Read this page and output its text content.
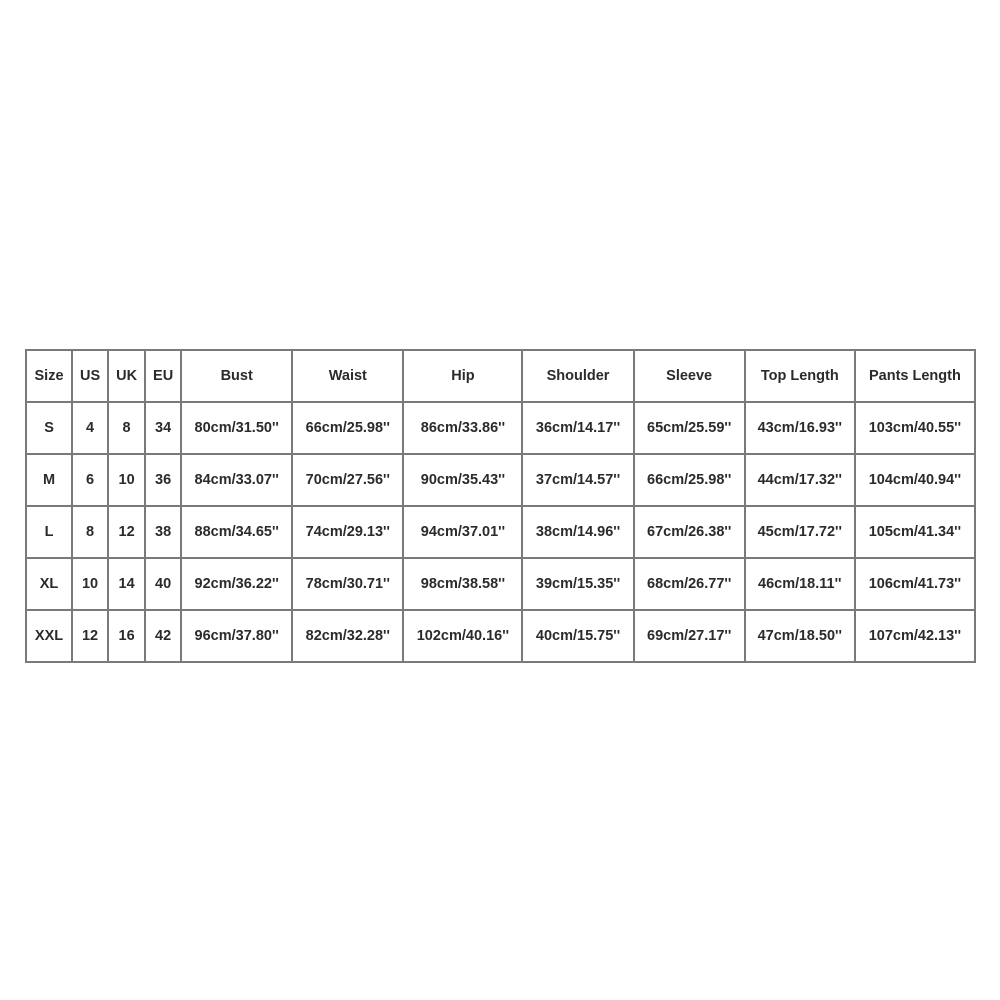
Size	US	UK	EU	Bust	Waist	Hip	Shoulder	Sleeve	Top Length	Pants Length
S	4	8	34	80cm/31.50''	66cm/25.98''	86cm/33.86''	36cm/14.17''	65cm/25.59''	43cm/16.93''	103cm/40.55''
M	6	10	36	84cm/33.07''	70cm/27.56''	90cm/35.43''	37cm/14.57''	66cm/25.98''	44cm/17.32''	104cm/40.94''
L	8	12	38	88cm/34.65''	74cm/29.13''	94cm/37.01''	38cm/14.96''	67cm/26.38''	45cm/17.72''	105cm/41.34''
XL	10	14	40	92cm/36.22''	78cm/30.71''	98cm/38.58''	39cm/15.35''	68cm/26.77''	46cm/18.11''	106cm/41.73''
XXL	12	16	42	96cm/37.80''	82cm/32.28''	102cm/40.16''	40cm/15.75''	69cm/27.17''	47cm/18.50''	107cm/42.13''
